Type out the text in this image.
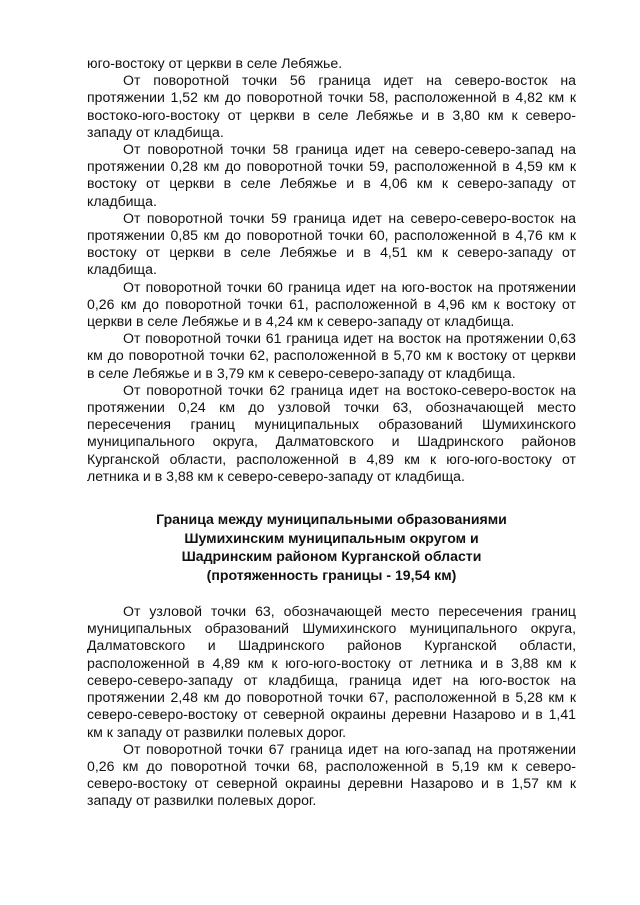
юго-востоку от церкви в селе Лебяжье.

От поворотной точки 56 граница идет на северо-восток на протяжении 1,52 км до поворотной точки 58, расположенной в 4,82 км к востоко-юго-востоку от церкви в селе Лебяжье и в 3,80 км к северо-западу от кладбища.

От поворотной точки 58 граница идет на северо-северо-запад на протяжении 0,28 км до поворотной точки 59, расположенной в 4,59 км к востоку от церкви в селе Лебяжье и в 4,06 км к северо-западу от кладбища.

От поворотной точки 59 граница идет на северо-северо-восток на протяжении 0,85 км до поворотной точки 60, расположенной в 4,76 км к востоку от церкви в селе Лебяжье и в 4,51 км к северо-западу от кладбища.

От поворотной точки 60 граница идет на юго-восток на протяжении 0,26 км до поворотной точки 61, расположенной в 4,96 км к востоку от церкви в селе Лебяжье и в 4,24 км к северо-западу от кладбища.

От поворотной точки 61 граница идет на восток на протяжении 0,63 км до поворотной точки 62, расположенной в 5,70 км к востоку от церкви в селе Лебяжье и в 3,79 км к северо-северо-западу от кладбища.

От поворотной точки 62 граница идет на востоко-северо-восток на протяжении 0,24 км до узловой точки 63, обозначающей место пересечения границ муниципальных образований Шумихинского муниципального округа, Далматовского и Шадринского районов Курганской области, расположенной в 4,89 км к юго-юго-востоку от летника и в 3,88 км к северо-северо-западу от кладбища.

Граница между муниципальными образованиями
Шумихинским муниципальным округом и
Шадринским районом Курганской области
(протяженность границы - 19,54 км)

От узловой точки 63, обозначающей место пересечения границ муниципальных образований Шумихинского муниципального округа, Далматовского и Шадринского районов Курганской области, расположенной в 4,89 км к юго-юго-востоку от летника и в 3,88 км к северо-северо-западу от кладбища, граница идет на юго-восток на протяжении 2,48 км до поворотной точки 67, расположенной в 5,28 км к северо-северо-востоку от северной окраины деревни Назарово и в 1,41 км к западу от развилки полевых дорог.

От поворотной точки 67 граница идет на юго-запад на протяжении 0,26 км до поворотной точки 68, расположенной в 5,19 км к северо-северо-востоку от северной окраины деревни Назарово и в 1,57 км к западу от развилки полевых дорог.
